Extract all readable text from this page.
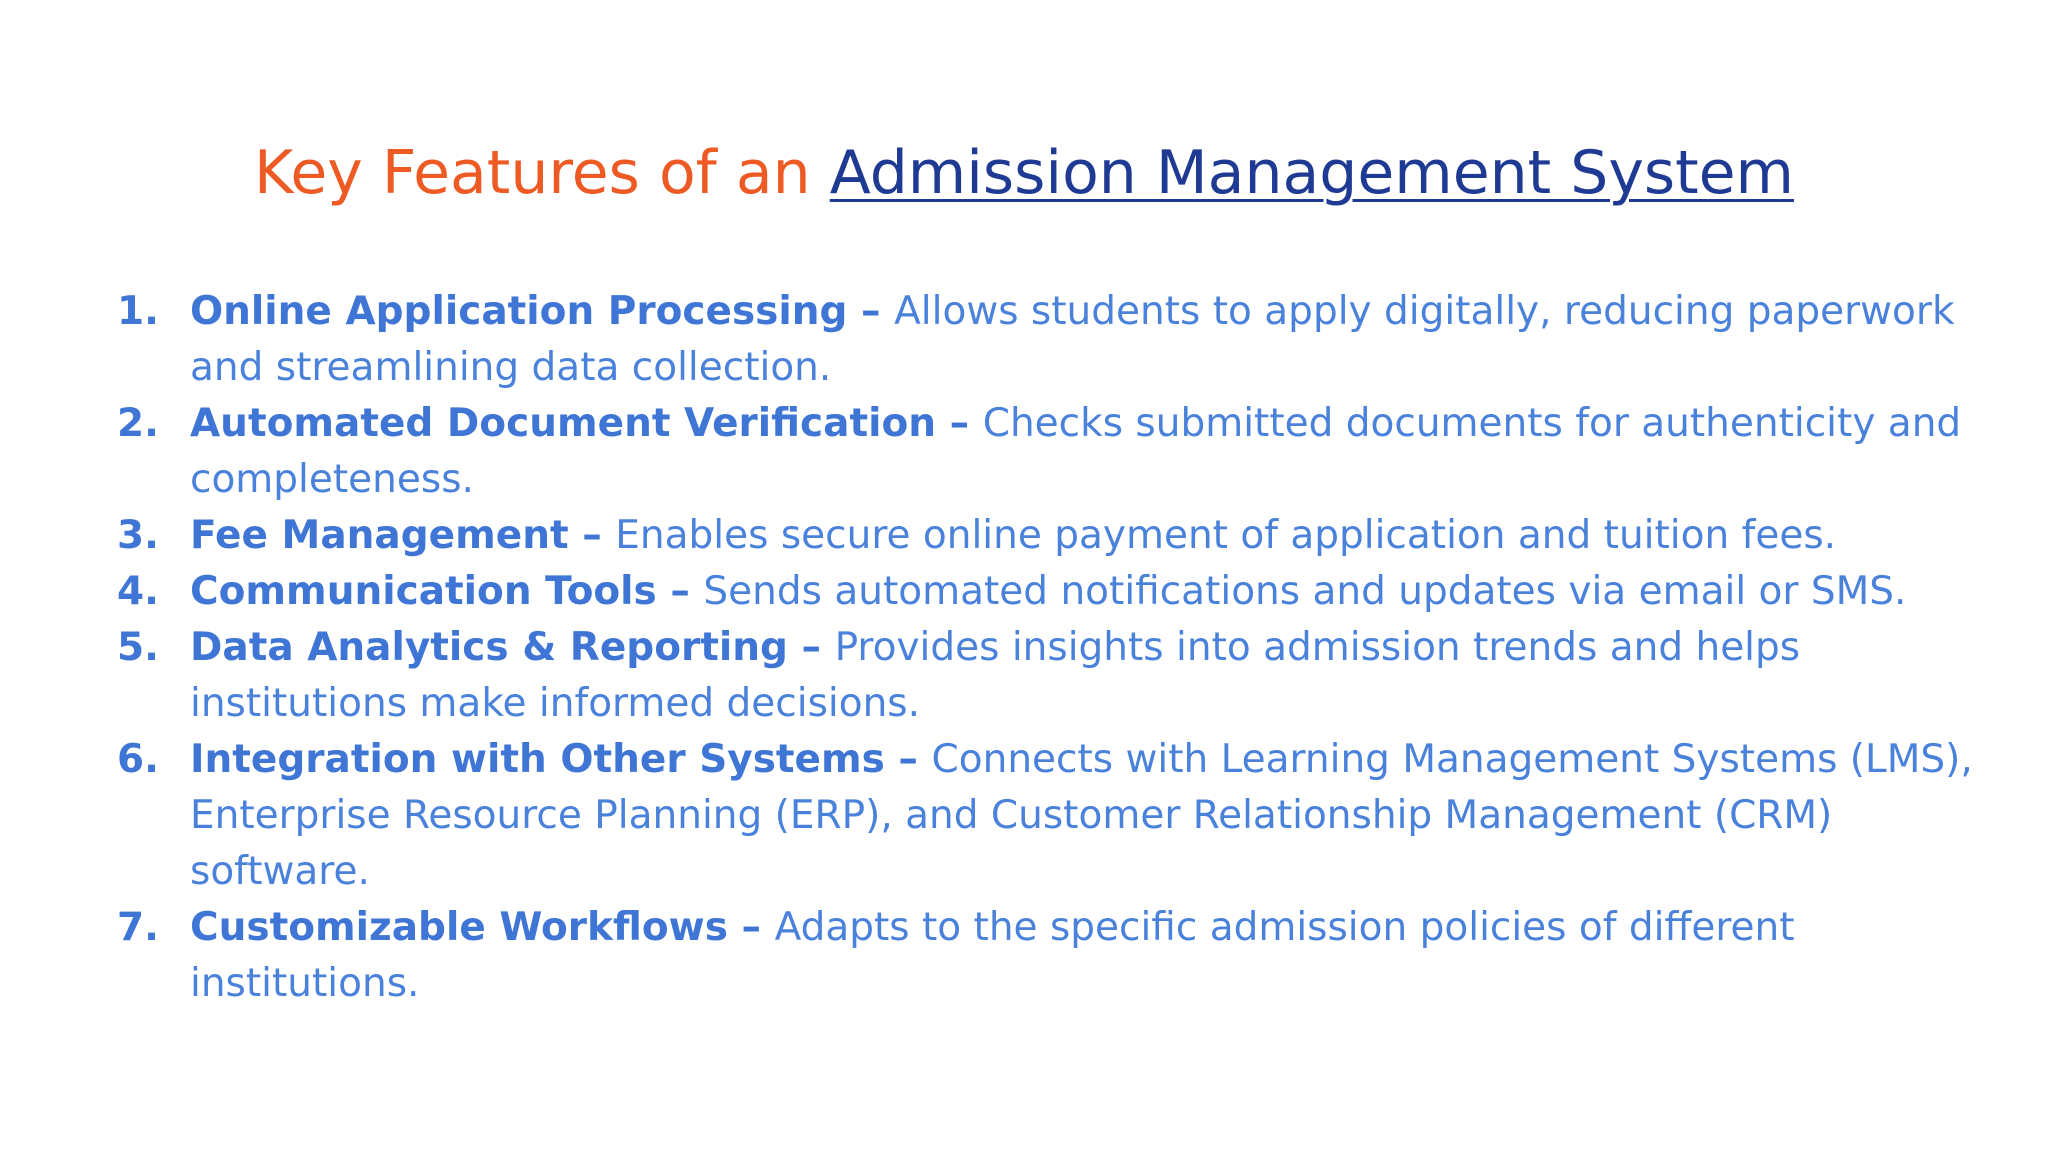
Key Features of an Admission Management System
1. Online Application Processing – Allows students to apply digitally, reducing paperwork and streamlining data collection.
2. Automated Document Verification – Checks submitted documents for authenticity and completeness.
3. Fee Management – Enables secure online payment of application and tuition fees.
4. Communication Tools – Sends automated notifications and updates via email or SMS.
5. Data Analytics & Reporting – Provides insights into admission trends and helps institutions make informed decisions.
6. Integration with Other Systems – Connects with Learning Management Systems (LMS), Enterprise Resource Planning (ERP), and Customer Relationship Management (CRM) software.
7. Customizable Workflows – Adapts to the specific admission policies of different institutions.
